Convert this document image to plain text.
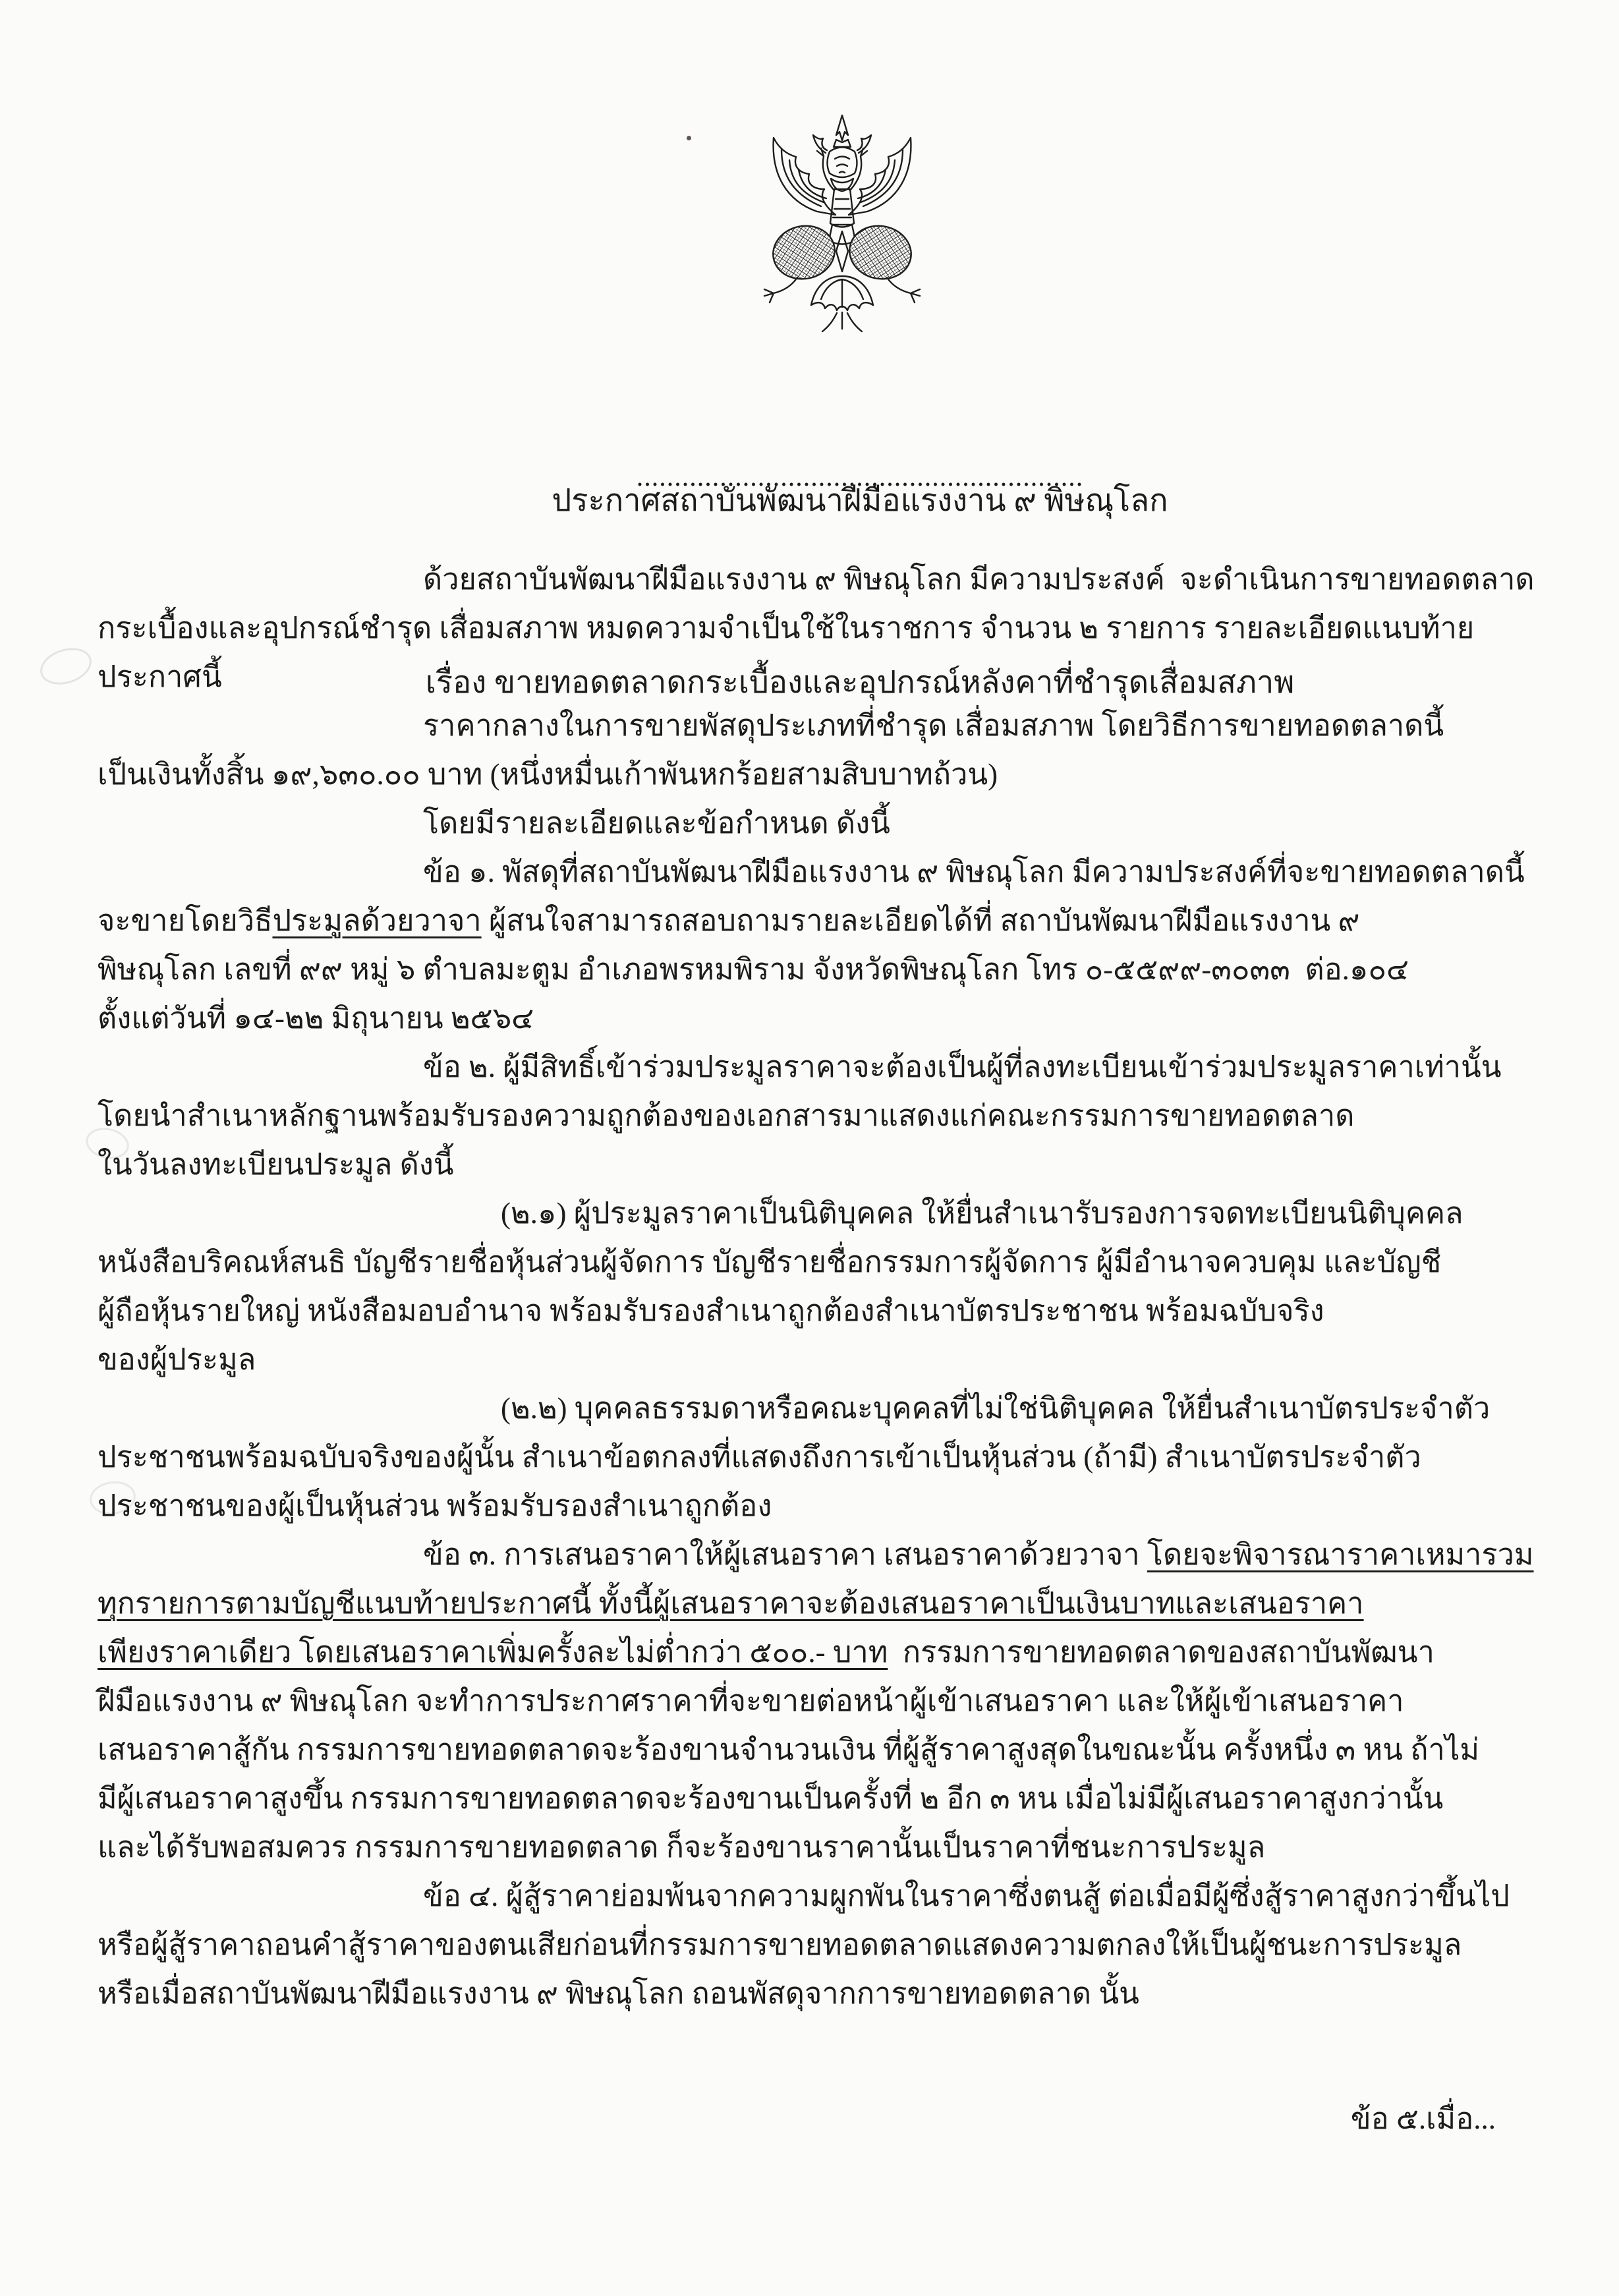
ประกาศสถาบันพัฒนาฝีมือแรงงาน ๙ พิษณุโลก

เรื่อง ขายทอดตลาดกระเบื้องและอุปกรณ์หลังคาที่ชำรุดเสื่อมสภาพ

...........................................................
ด้วยสถาบันพัฒนาฝีมือแรงงาน ๙ พิษณุโลก มีความประสงค์  จะดำเนินการขายทอดตลาด
กระเบื้องและอุปกรณ์ชำรุด เสื่อมสภาพ หมดความจำเป็นใช้ในราชการ จำนวน ๒ รายการ รายละเอียดแนบท้าย
ประกาศนี้
ราคากลางในการขายพัสดุประเภทที่ชำรุด เสื่อมสภาพ โดยวิธีการขายทอดตลาดนี้
เป็นเงินทั้งสิ้น ๑๙,๖๓๐.๐๐ บาท (หนึ่งหมื่นเก้าพันหกร้อยสามสิบบาทถ้วน)
โดยมีรายละเอียดและข้อกำหนด ดังนี้
ข้อ ๑. พัสดุที่สถาบันพัฒนาฝีมือแรงงาน ๙ พิษณุโลก มีความประสงค์ที่จะขายทอดตลาดนี้
จะขายโดยวิธีประมูลด้วยวาจา ผู้สนใจสามารถสอบถามรายละเอียดได้ที่ สถาบันพัฒนาฝีมือแรงงาน ๙
พิษณุโลก เลขที่ ๙๙ หมู่ ๖ ตำบลมะตูม อำเภอพรหมพิราม จังหวัดพิษณุโลก โทร ๐-๕๕๙๙-๓๐๓๓  ต่อ.๑๐๔
ตั้งแต่วันที่ ๑๔-๒๒ มิถุนายน ๒๕๖๔
ข้อ ๒. ผู้มีสิทธิ์เข้าร่วมประมูลราคาจะต้องเป็นผู้ที่ลงทะเบียนเข้าร่วมประมูลราคาเท่านั้น
โดยนำสำเนาหลักฐานพร้อมรับรองความถูกต้องของเอกสารมาแสดงแก่คณะกรรมการขายทอดตลาด
ในวันลงทะเบียนประมูล ดังนี้
(๒.๑) ผู้ประมูลราคาเป็นนิติบุคคล ให้ยื่นสำเนารับรองการจดทะเบียนนิติบุคคล
หนังสือบริคณห์สนธิ บัญชีรายชื่อหุ้นส่วนผู้จัดการ บัญชีรายชื่อกรรมการผู้จัดการ ผู้มีอำนาจควบคุม และบัญชี
ผู้ถือหุ้นรายใหญ่ หนังสือมอบอำนาจ พร้อมรับรองสำเนาถูกต้องสำเนาบัตรประชาชน พร้อมฉบับจริง
ของผู้ประมูล
(๒.๒) บุคคลธรรมดาหรือคณะบุคคลที่ไม่ใช่นิติบุคคล ให้ยื่นสำเนาบัตรประจำตัว
ประชาชนพร้อมฉบับจริงของผู้นั้น สำเนาข้อตกลงที่แสดงถึงการเข้าเป็นหุ้นส่วน (ถ้ามี) สำเนาบัตรประจำตัว
ประชาชนของผู้เป็นหุ้นส่วน พร้อมรับรองสำเนาถูกต้อง
ข้อ ๓. การเสนอราคาให้ผู้เสนอราคา เสนอราคาด้วยวาจา โดยจะพิจารณาราคาเหมารวม
ทุกรายการตามบัญชีแนบท้ายประกาศนี้ ทั้งนี้ผู้เสนอราคาจะต้องเสนอราคาเป็นเงินบาทและเสนอราคา
เพียงราคาเดียว โดยเสนอราคาเพิ่มครั้งละไม่ต่ำกว่า ๕๐๐.- บาท  กรรมการขายทอดตลาดของสถาบันพัฒนา
ฝีมือแรงงาน ๙ พิษณุโลก จะทำการประกาศราคาที่จะขายต่อหน้าผู้เข้าเสนอราคา และให้ผู้เข้าเสนอราคา
เสนอราคาสู้กัน กรรมการขายทอดตลาดจะร้องขานจำนวนเงิน ที่ผู้สู้ราคาสูงสุดในขณะนั้น ครั้งหนึ่ง ๓ หน ถ้าไม่
มีผู้เสนอราคาสูงขึ้น กรรมการขายทอดตลาดจะร้องขานเป็นครั้งที่ ๒ อีก ๓ หน เมื่อไม่มีผู้เสนอราคาสูงกว่านั้น
และได้รับพอสมควร กรรมการขายทอดตลาด ก็จะร้องขานราคานั้นเป็นราคาที่ชนะการประมูล
ข้อ ๔. ผู้สู้ราคาย่อมพ้นจากความผูกพันในราคาซึ่งตนสู้ ต่อเมื่อมีผู้ซึ่งสู้ราคาสูงกว่าขึ้นไป
หรือผู้สู้ราคาถอนคำสู้ราคาของตนเสียก่อนที่กรรมการขายทอดตลาดแสดงความตกลงให้เป็นผู้ชนะการประมูล
หรือเมื่อสถาบันพัฒนาฝีมือแรงงาน ๙ พิษณุโลก ถอนพัสดุจากการขายทอดตลาด นั้น
ข้อ ๕.เมื่อ...
